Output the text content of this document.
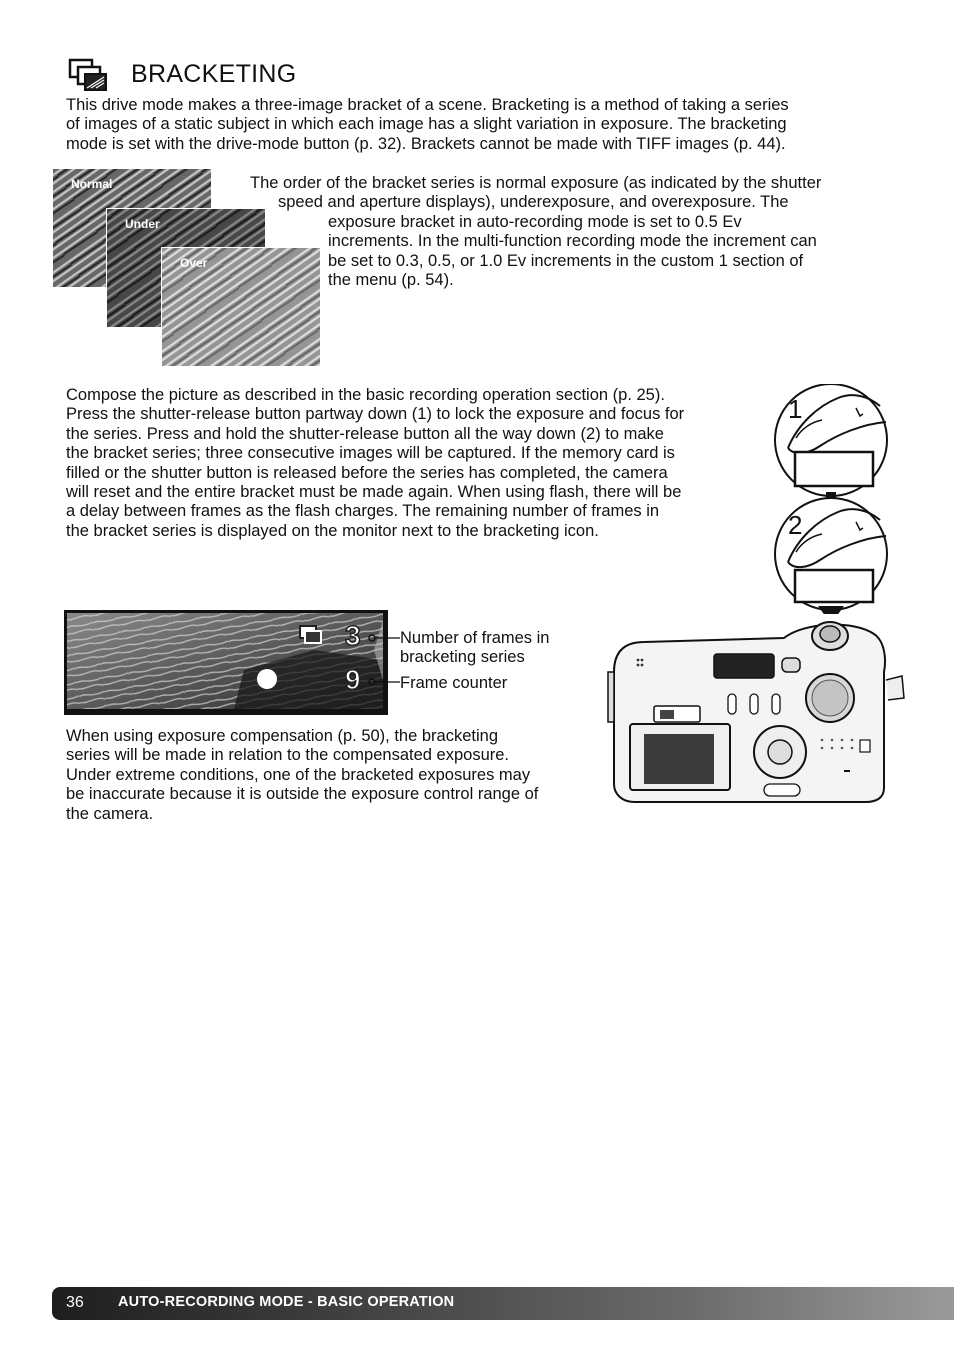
BRACKETING
This drive mode makes a three-image bracket of a scene. Bracketing is a method of taking a series
of images of a static subject in which each image has a slight variation in exposure. The bracketing
mode is set with the drive-mode button (p. 32). Brackets cannot be made with TIFF images (p. 44).
Normal
Under
Over
The order of the bracket series is normal exposure (as indicated by the shutter
speed and aperture displays), underexposure, and overexposure. The
exposure bracket in auto-recording mode is set to 0.5 Ev
increments. In the multi-function recording mode the increment can
be set to 0.3, 0.5, or 1.0 Ev increments in the custom 1 section of
the menu (p. 54).
Compose the picture as described in the basic recording operation section (p. 25).
Press the shutter-release button partway down (1) to lock the exposure and focus for
the series. Press and hold the shutter-release button all the way down (2) to make
the bracket series; three consecutive images will be captured. If the memory card is
filled or the shutter button is released before the series has completed, the camera
will reset and the entire bracket must be made again. When using flash, there will be
a delay between frames as the flash charges. The remaining number of frames in
the bracket series is displayed on the monitor next to the bracketing icon.
1
2
3
9
Number of frames in
bracketing series
Frame counter
When using exposure compensation (p. 50), the bracketing
series will be made in relation to the compensated exposure.
Under extreme conditions, one of the bracketed exposures may
be inaccurate because it is outside the exposure control range of
the camera.
36 AUTO-RECORDING MODE - BASIC OPERATION
